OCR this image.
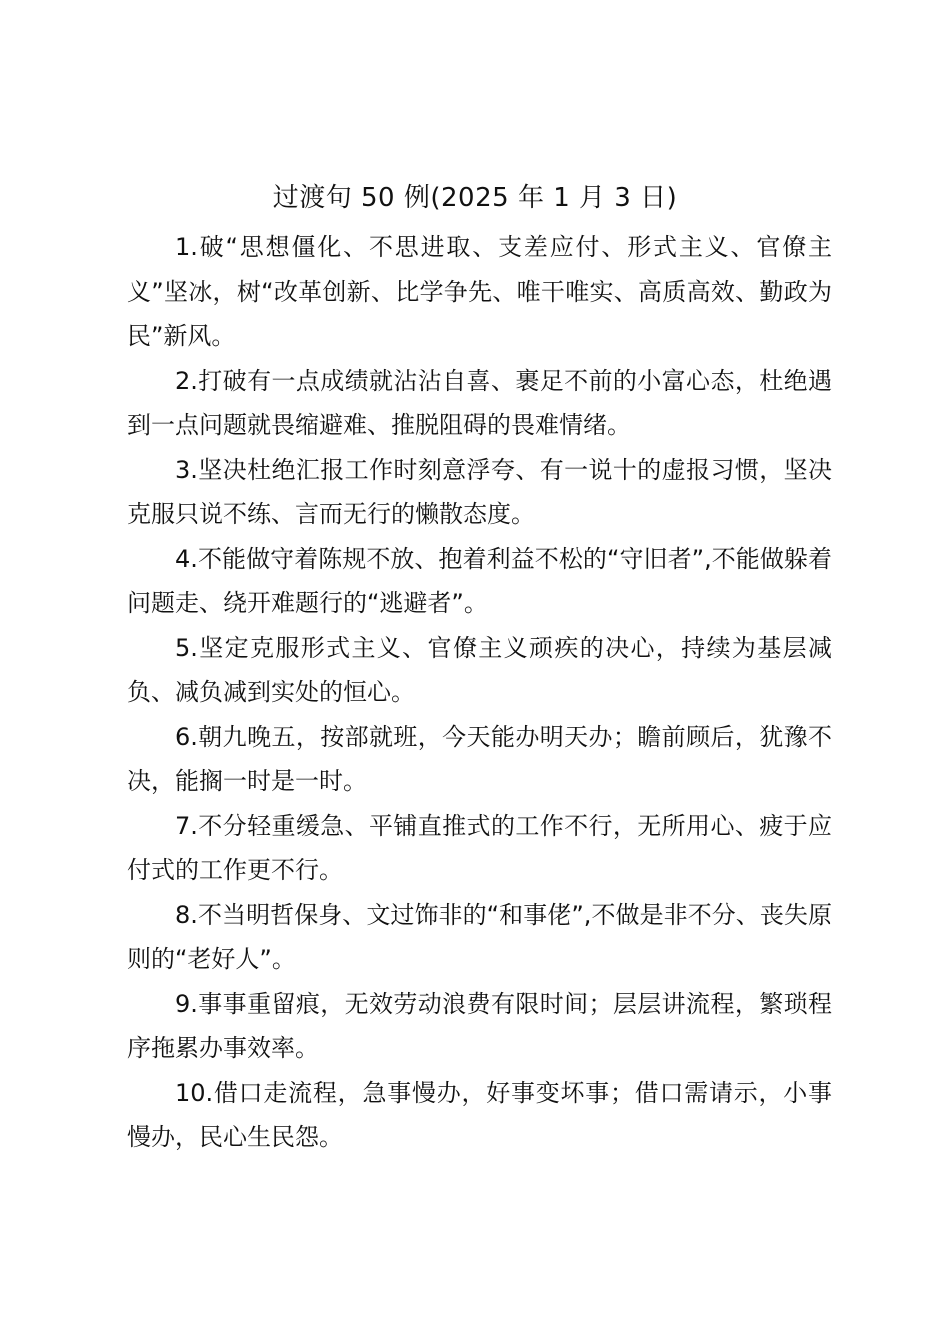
过渡句 50 例(2025 年 1 月 3 日)

1.破“思想僵化、不思进取、支差应付、形式主义、官僚主义”坚冰，树“改革创新、比学争先、唯干唯实、高质高效、勤政为民”新风。

2.打破有一点成绩就沾沾自喜、裹足不前的小富心态，杜绝遇到一点问题就畏缩避难、推脱阻碍的畏难情绪。

3.坚决杜绝汇报工作时刻意浮夸、有一说十的虚报习惯，坚决克服只说不练、言而无行的懒散态度。

4.不能做守着陈规不放、抱着利益不松的“守旧者”,不能做躲着问题走、绕开难题行的“逃避者”。

5.坚定克服形式主义、官僚主义顽疾的决心，持续为基层减负、减负减到实处的恒心。

6.朝九晚五，按部就班，今天能办明天办；瞻前顾后，犹豫不决，能搁一时是一时。

7.不分轻重缓急、平铺直推式的工作不行，无所用心、疲于应付式的工作更不行。

8.不当明哲保身、文过饰非的“和事佬”,不做是非不分、丧失原则的“老好人”。

9.事事重留痕，无效劳动浪费有限时间；层层讲流程，繁琐程序拖累办事效率。

10.借口走流程，急事慢办，好事变坏事；借口需请示，小事慢办，民心生民怨。
